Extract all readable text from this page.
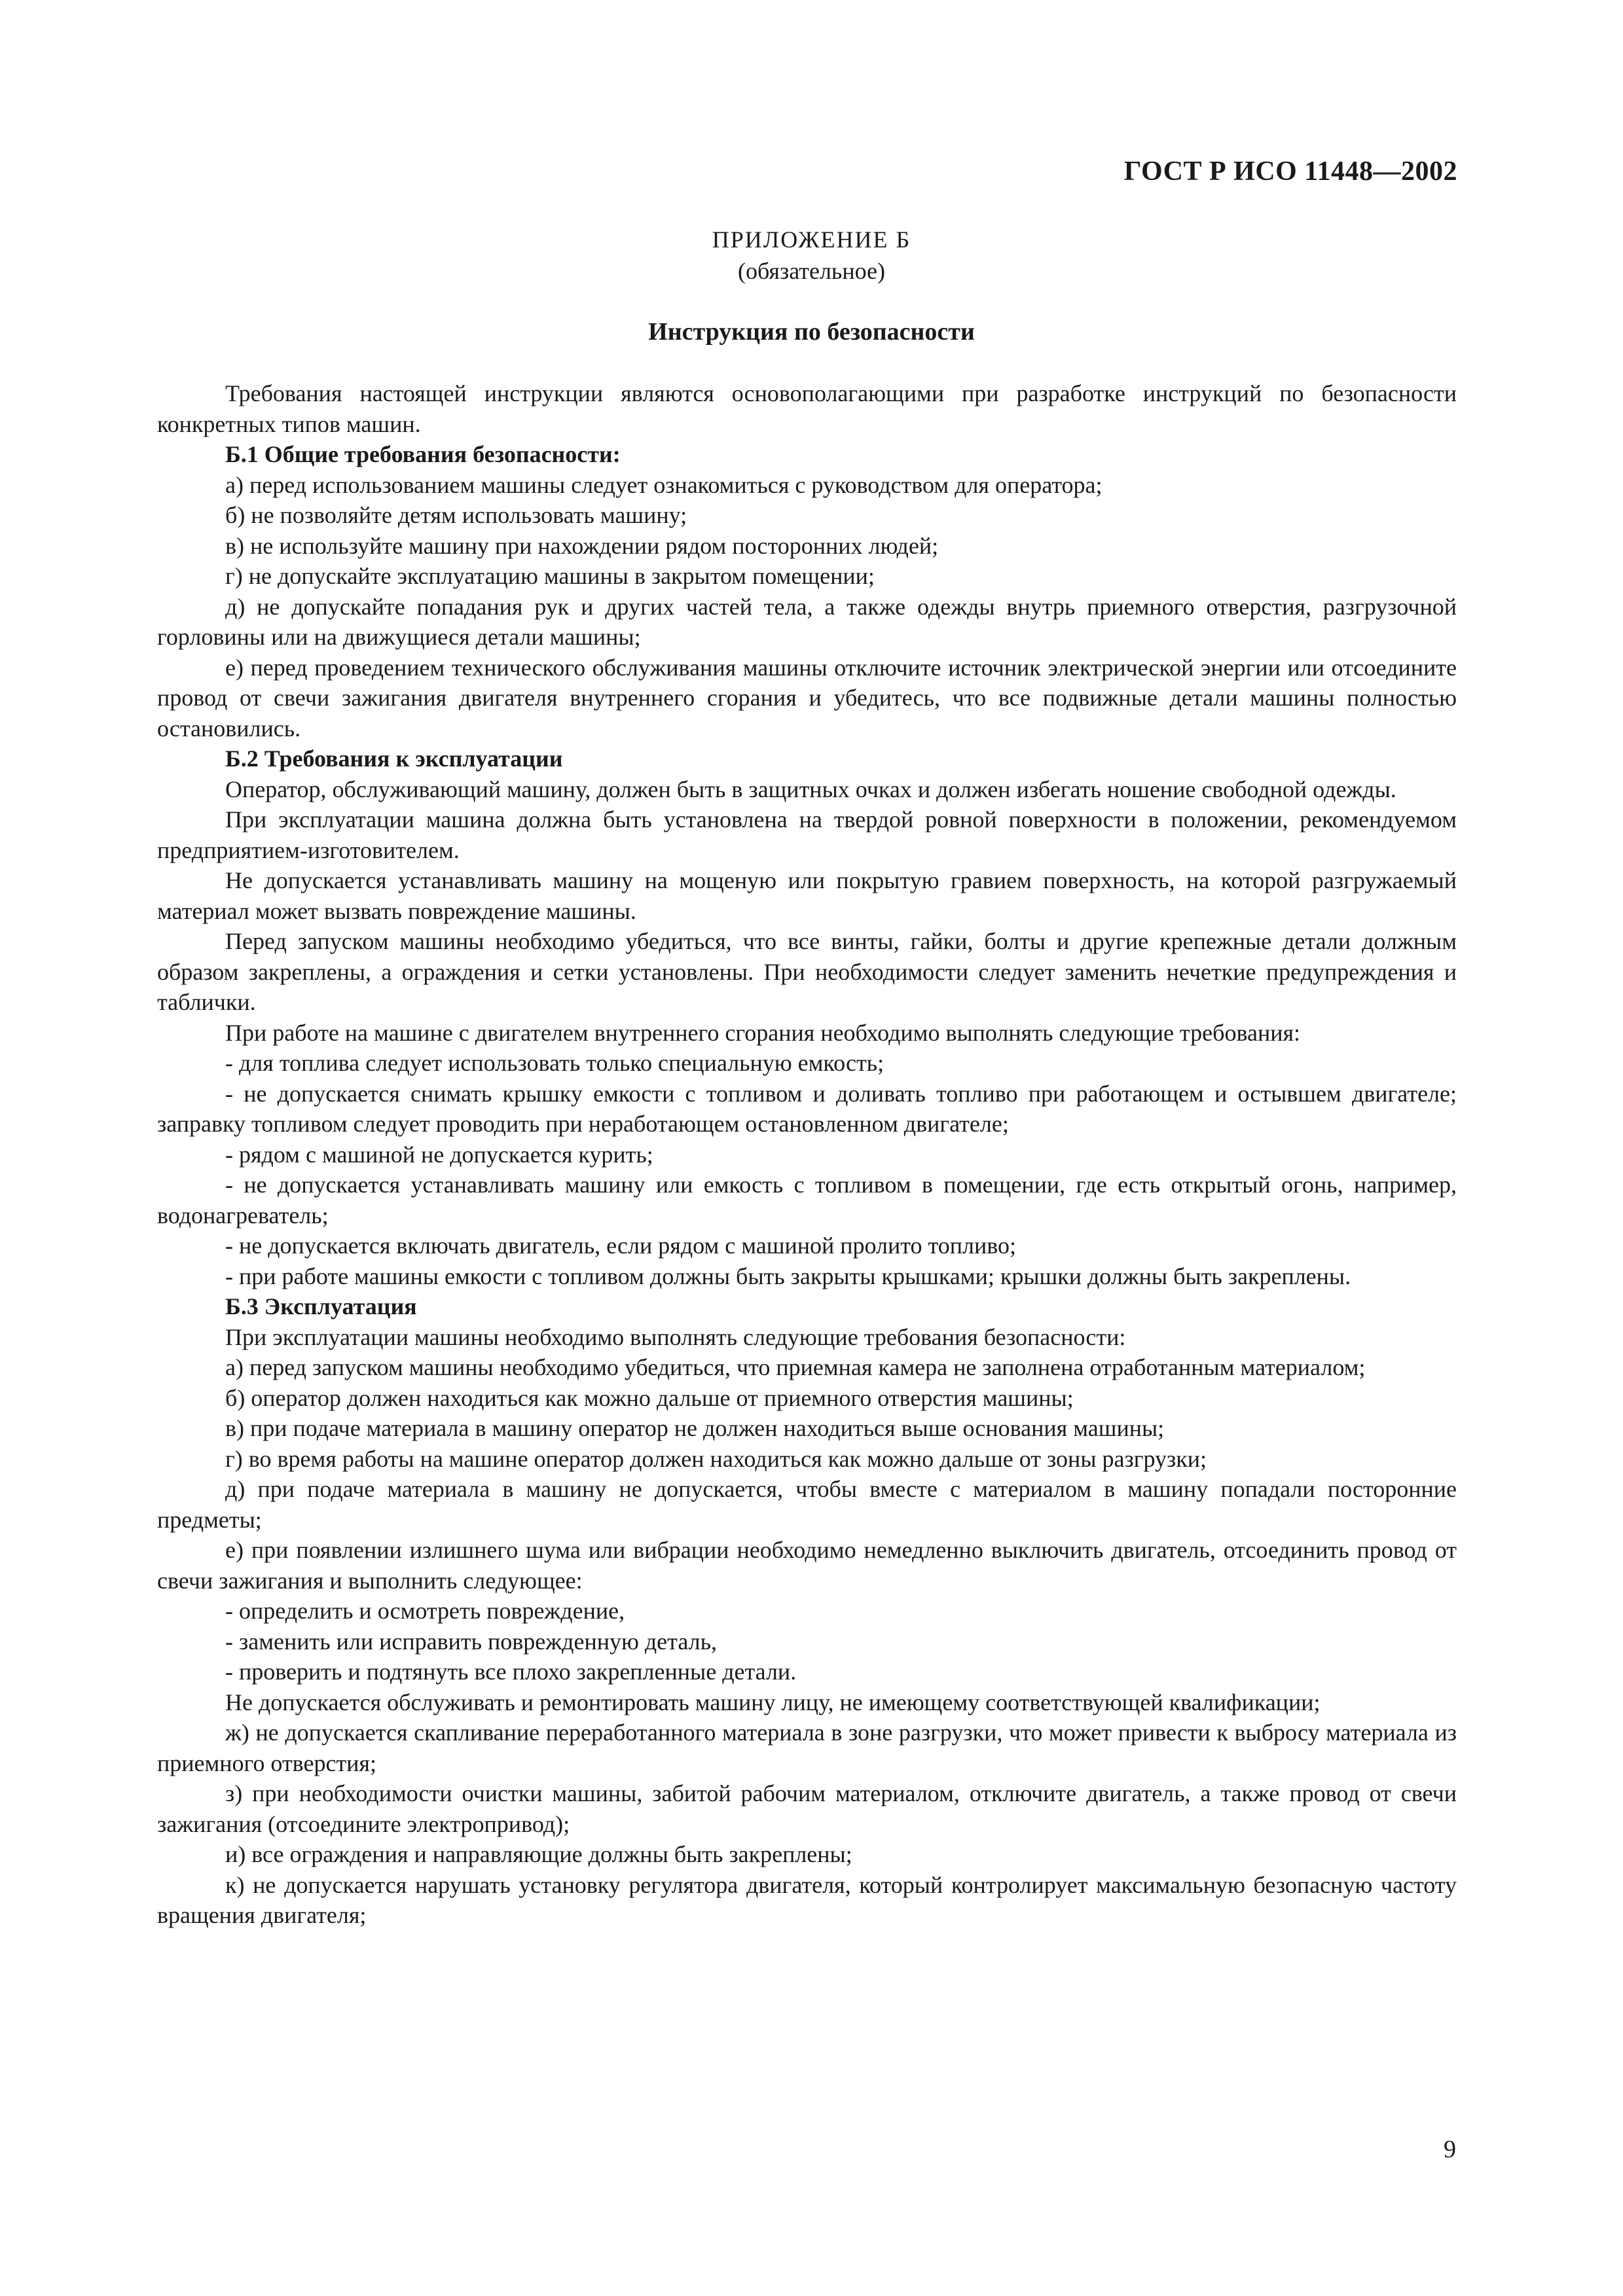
ГОСТ Р ИСО 11448—2002
ПРИЛОЖЕНИЕ Б
(обязательное)
Инструкция по безопасности

Требования настоящей инструкции являются основополагающими при разработке инструкций по безопасности конкретных типов машин.

Б.1 Общие требования безопасности:

а) перед использованием машины следует ознакомиться с руководством для оператора;

б) не позволяйте детям использовать машину;

в) не используйте машину при нахождении рядом посторонних людей;

г) не допускайте эксплуатацию машины в закрытом помещении;

д) не допускайте попадания рук и других частей тела, а также одежды внутрь приемного отверстия, разгрузочной горловины или на движущиеся детали машины;

е) перед проведением технического обслуживания машины отключите источник электрической энергии или отсоедините провод от свечи зажигания двигателя внутреннего сгорания и убедитесь, что все подвижные детали машины полностью остановились.

Б.2 Требования к эксплуатации

Оператор, обслуживающий машину, должен быть в защитных очках и должен избегать ношение свободной одежды.

При эксплуатации машина должна быть установлена на твердой ровной поверхности в положении, рекомендуемом предприятием-изготовителем.

Не допускается устанавливать машину на мощеную или покрытую гравием поверхность, на которой разгружаемый материал может вызвать повреждение машины.

Перед запуском машины необходимо убедиться, что все винты, гайки, болты и другие крепежные детали должным образом закреплены, а ограждения и сетки установлены. При необходимости следует заменить нечеткие предупреждения и таблички.

При работе на машине с двигателем внутреннего сгорания необходимо выполнять следующие требования:

- для топлива следует использовать только специальную емкость;

- не допускается снимать крышку емкости с топливом и доливать топливо при работающем и остывшем двигателе; заправку топливом следует проводить при неработающем остановленном двигателе;

- рядом с машиной не допускается курить;

- не допускается устанавливать машину или емкость с топливом в помещении, где есть открытый огонь, например, водонагреватель;

- не допускается включать двигатель, если рядом с машиной пролито топливо;

- при работе машины емкости с топливом должны быть закрыты крышками; крышки должны быть закреплены.

Б.3 Эксплуатация

При эксплуатации машины необходимо выполнять следующие требования безопасности:

а) перед запуском машины необходимо убедиться, что приемная камера не заполнена отработанным материалом;

б) оператор должен находиться как можно дальше от приемного отверстия машины;

в) при подаче материала в машину оператор не должен находиться выше основания машины;

г) во время работы на машине оператор должен находиться как можно дальше от зоны разгрузки;

д) при подаче материала в машину не допускается, чтобы вместе с материалом в машину попадали посторонние предметы;

е) при появлении излишнего шума или вибрации необходимо немедленно выключить двигатель, отсоединить провод от свечи зажигания и выполнить следующее:

- определить и осмотреть повреждение,

- заменить или исправить поврежденную деталь,

- проверить и подтянуть все плохо закрепленные детали.

Не допускается обслуживать и ремонтировать машину лицу, не имеющему соответствующей квалификации;

ж) не допускается скапливание переработанного материала в зоне разгрузки, что может привести к выбросу материала из приемного отверстия;

з) при необходимости очистки машины, забитой рабочим материалом, отключите двигатель, а также провод от свечи зажигания (отсоедините электропривод);

и) все ограждения и направляющие должны быть закреплены;

к) не допускается нарушать установку регулятора двигателя, который контролирует максимальную безопасную частоту вращения двигателя;

9
